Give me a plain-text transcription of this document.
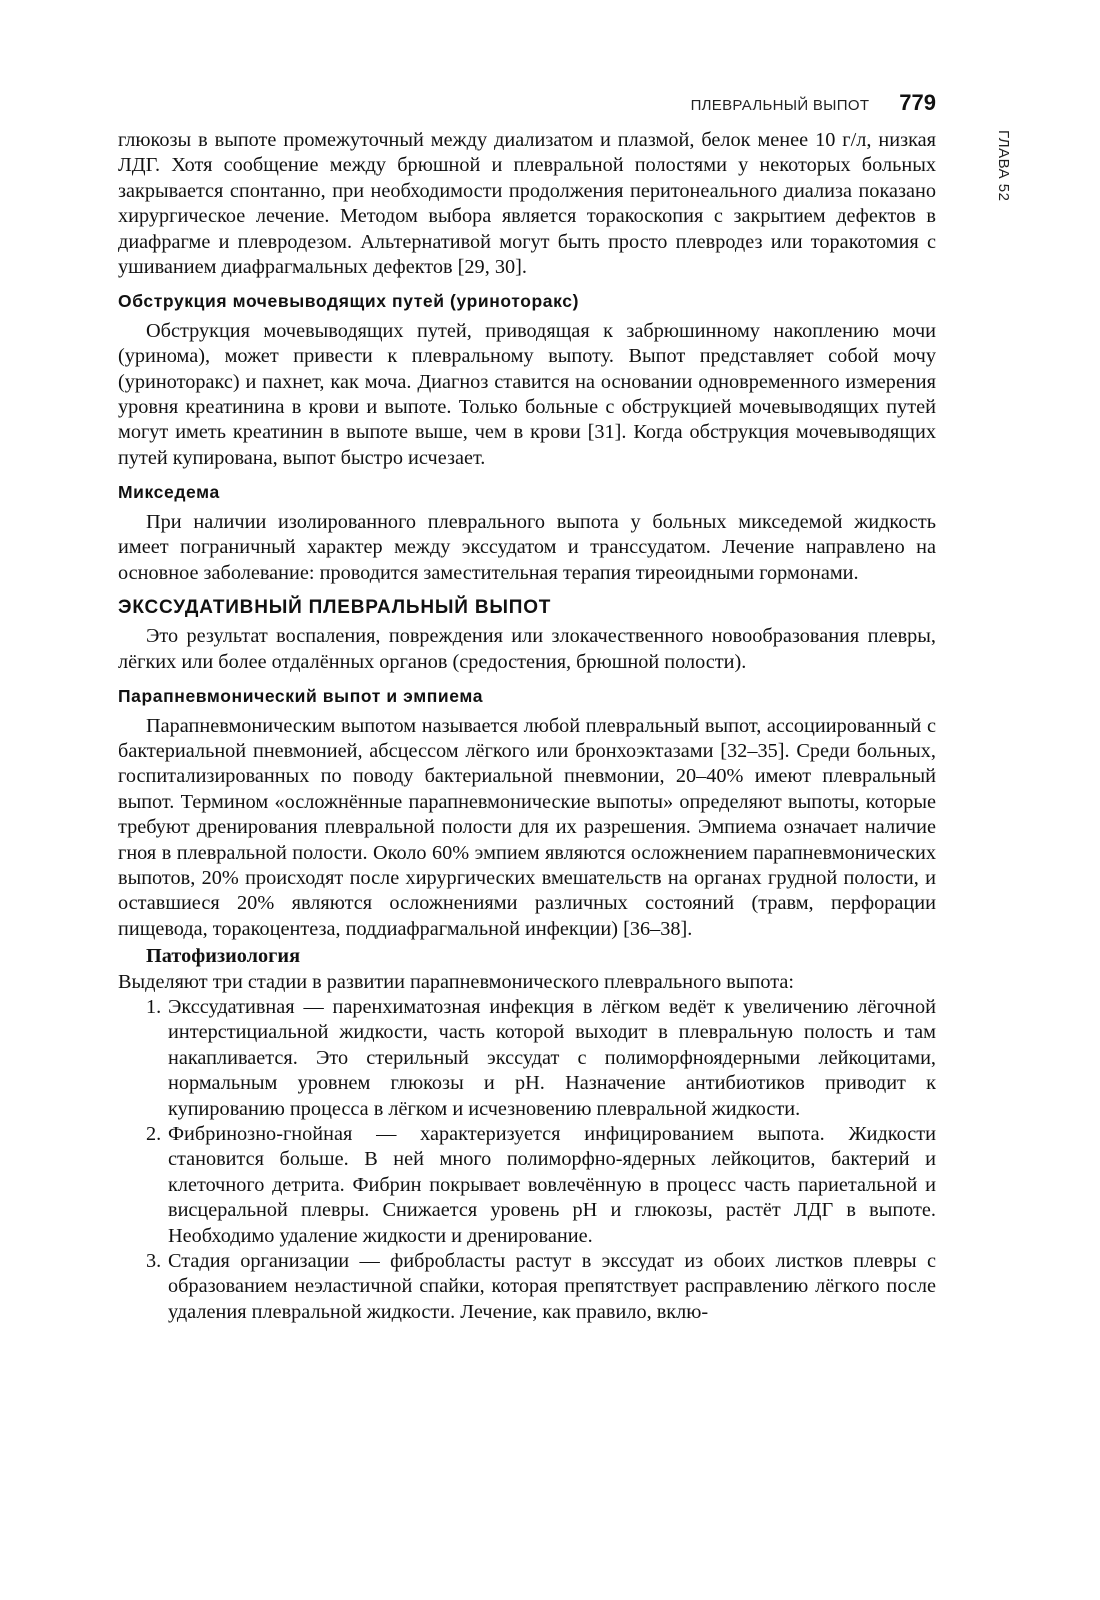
ПЛЕВРАЛЬНЫЙ ВЫПОТ 779
ГЛАВА 52

глюкозы в выпоте промежуточный между диализатом и плазмой, белок менее 10 г/л, низкая ЛДГ. Хотя сообщение между брюшной и плевральной полостями у некоторых больных закрывается спонтанно, при необходимости продолжения перитонеального диализа показано хирургическое лечение. Методом выбора является торакоскопия с закрытием дефектов в диафрагме и плевродезом. Альтернативой могут быть просто плевродез или торакотомия с ушиванием диафрагмальных дефектов [29, 30].

Обструкция мочевыводящих путей (уриноторакс)

Обструкция мочевыводящих путей, приводящая к забрюшинному накоплению мочи (уринома), может привести к плевральному выпоту. Выпот представляет собой мочу (уриноторакс) и пахнет, как моча. Диагноз ставится на основании одновременного измерения уровня креатинина в крови и выпоте. Только больные с обструкцией мочевыводящих путей могут иметь креатинин в выпоте выше, чем в крови [31]. Когда обструкция мочевыводящих путей купирована, выпот быстро исчезает.

Микседема

При наличии изолированного плеврального выпота у больных микседемой жидкость имеет пограничный характер между экссудатом и транссудатом. Лечение направлено на основное заболевание: проводится заместительная терапия тиреоидными гормонами.

ЭКССУДАТИВНЫЙ ПЛЕВРАЛЬНЫЙ ВЫПОТ

Это результат воспаления, повреждения или злокачественного новообразования плевры, лёгких или более отдалённых органов (средостения, брюшной полости).

Парапневмонический выпот и эмпиема

Парапневмоническим выпотом называется любой плевральный выпот, ассоциированный с бактериальной пневмонией, абсцессом лёгкого или бронхоэктазами [32–35]. Среди больных, госпитализированных по поводу бактериальной пневмонии, 20–40% имеют плевральный выпот. Термином «осложнённые парапневмонические выпоты» определяют выпоты, которые требуют дренирования плевральной полости для их разрешения. Эмпиема означает наличие гноя в плевральной полости. Около 60% эмпием являются осложнением парапневмонических выпотов, 20% происходят после хирургических вмешательств на органах грудной полости, и оставшиеся 20% являются осложнениями различных состояний (травм, перфорации пищевода, торакоцентеза, поддиафрагмальной инфекции) [36–38].

Патофизиология

Выделяют три стадии в развитии парапневмонического плеврального выпота:

1. Экссудативная — паренхиматозная инфекция в лёгком ведёт к увеличению лёгочной интерстициальной жидкости, часть которой выходит в плевральную полость и там накапливается. Это стерильный экссудат с полиморфноядерными лейкоцитами, нормальным уровнем глюкозы и pH. Назначение антибиотиков приводит к купированию процесса в лёгком и исчезновению плевральной жидкости.
2. Фибринозно-гнойная — характеризуется инфицированием выпота. Жидкости становится больше. В ней много полиморфно-ядерных лейкоцитов, бактерий и клеточного детрита. Фибрин покрывает вовлечённую в процесс часть париетальной и висцеральной плевры. Снижается уровень pH и глюкозы, растёт ЛДГ в выпоте. Необходимо удаление жидкости и дренирование.
3. Стадия организации — фибробласты растут в экссудат из обоих листков плевры с образованием неэластичной спайки, которая препятствует расправлению лёгкого после удаления плевральной жидкости. Лечение, как правило, вклю-
